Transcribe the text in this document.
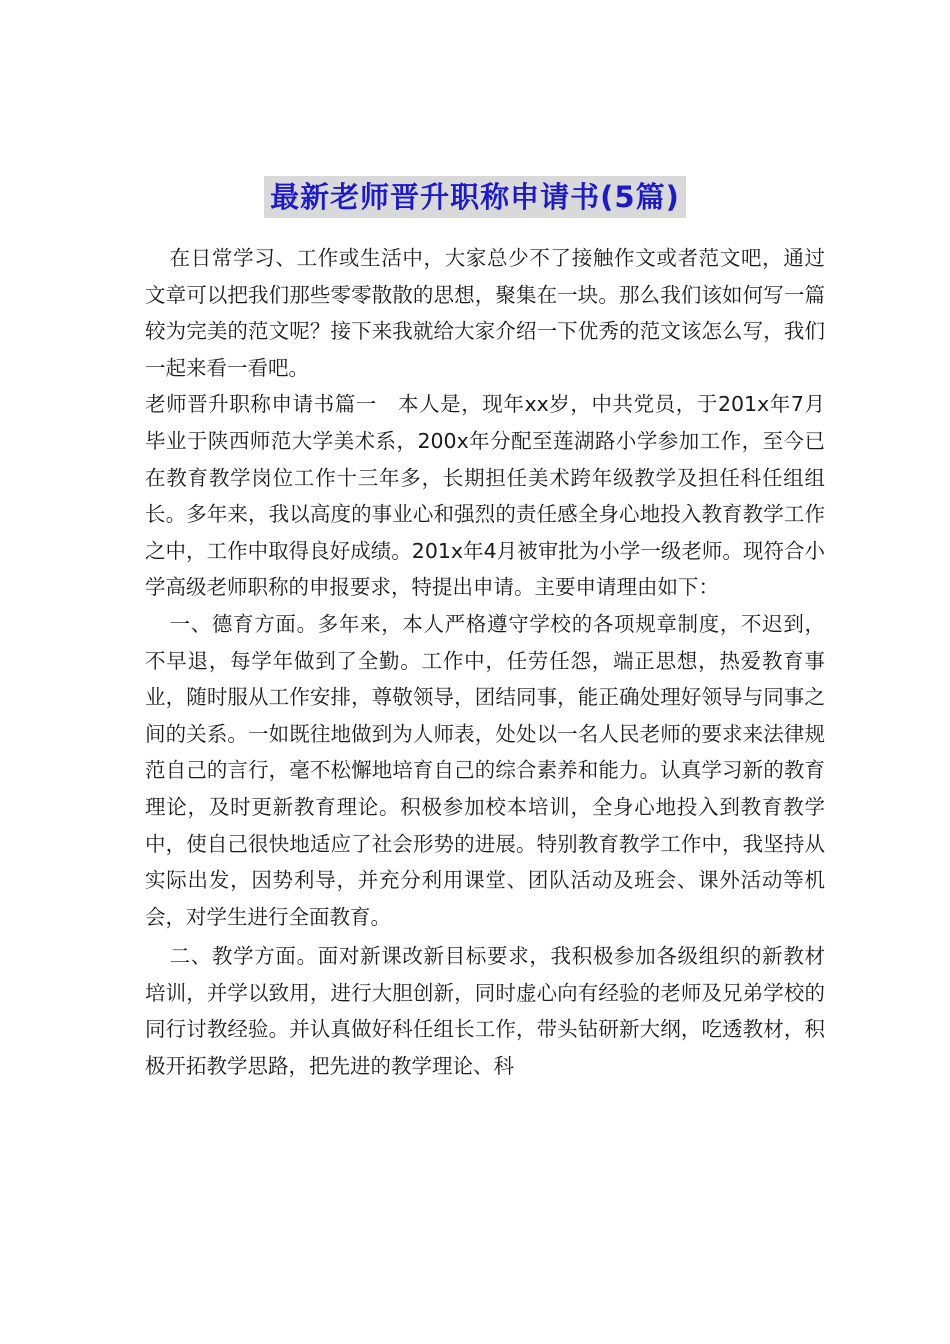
最新老师晋升职称申请书(5篇)

在日常学习、工作或生活中，大家总少不了接触作文或者范文吧，通过文章可以把我们那些零零散散的思想，聚集在一块。那么我们该如何写一篇较为完美的范文呢？接下来我就给大家介绍一下优秀的范文该怎么写，我们一起来看一看吧。

老师晋升职称申请书篇一　本人是，现年xx岁，中共党员，于201x年7月毕业于陕西师范大学美术系，200x年分配至莲湖路小学参加工作，至今已在教育教学岗位工作十三年多，长期担任美术跨年级教学及担任科任组组长。多年来，我以高度的事业心和强烈的责任感全身心地投入教育教学工作之中，工作中取得良好成绩。201x年4月被审批为小学一级老师。现符合小学高级老师职称的申报要求，特提出申请。主要申请理由如下：

一、德育方面。多年来，本人严格遵守学校的各项规章制度，不迟到，不早退，每学年做到了全勤。工作中，任劳任怨，端正思想，热爱教育事业，随时服从工作安排，尊敬领导，团结同事，能正确处理好领导与同事之间的关系。一如既往地做到为人师表，处处以一名人民老师的要求来法律规范自己的言行，毫不松懈地培育自己的综合素养和能力。认真学习新的教育理论，及时更新教育理论。积极参加校本培训，全身心地投入到教育教学中，使自己很快地适应了社会形势的进展。特别教育教学工作中，我坚持从实际出发，因势利导，并充分利用课堂、团队活动及班会、课外活动等机会，对学生进行全面教育。

二、教学方面。面对新课改新目标要求，我积极参加各级组织的新教材培训，并学以致用，进行大胆创新，同时虚心向有经验的老师及兄弟学校的同行讨教经验。并认真做好科任组长工作，带头钻研新大纲，吃透教材，积极开拓教学思路，把先进的教学理论、科
